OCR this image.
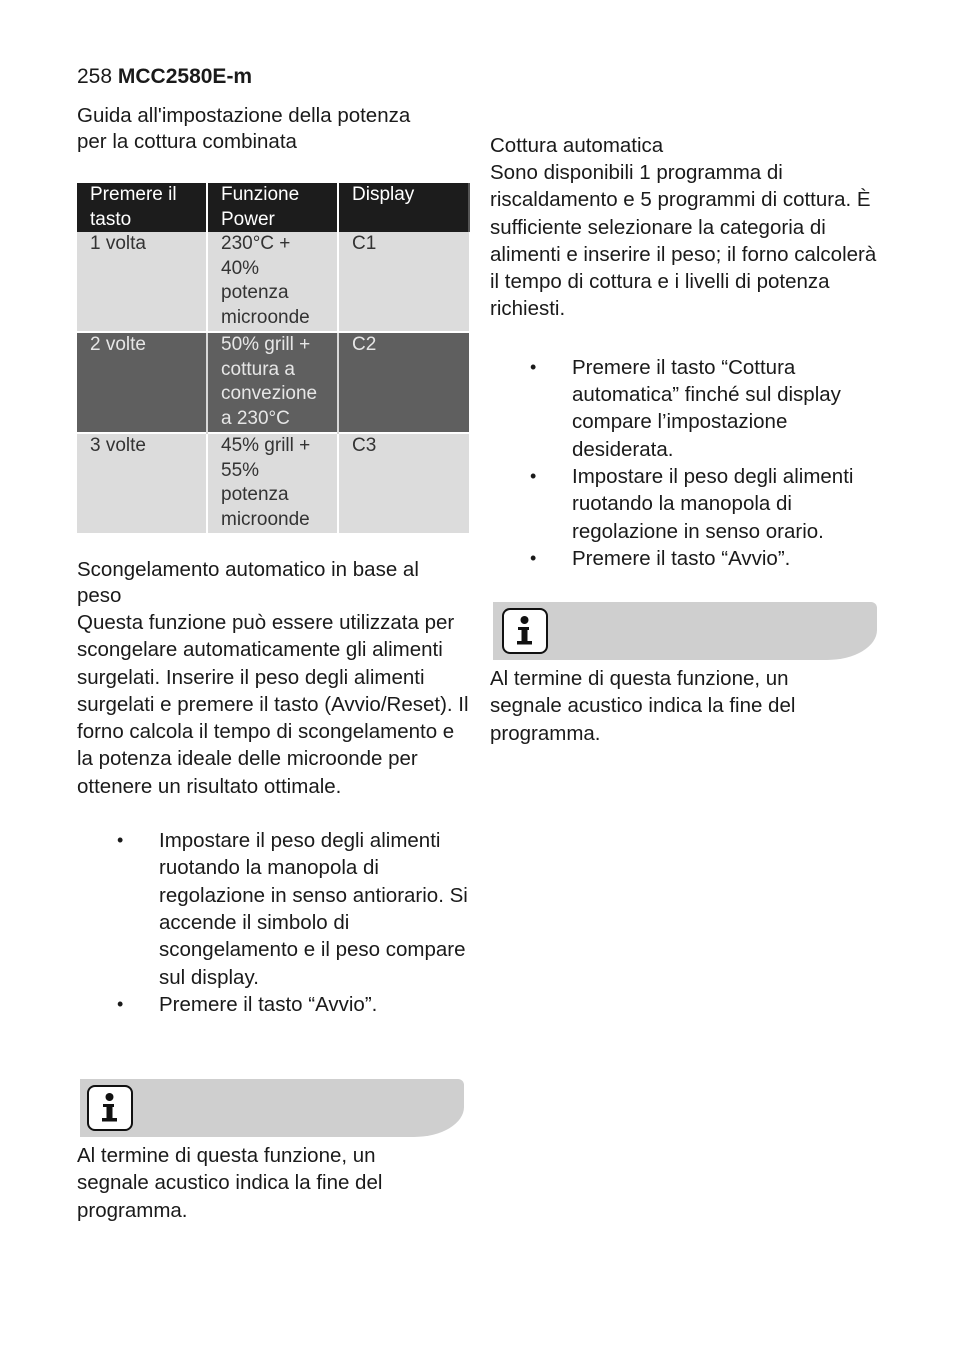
258 MCC2580E-m
Guida all'impostazione della potenza
per la cottura combinata
Premere il tasto	Funzione Power	Display
1 volta	230°C + 40% potenza microonde	C1
2 volte	50% grill + cottura a convezione a 230°C	C2
3 volte	45% grill + 55% potenza microonde	C3
Scongelamento automatico in base al peso

Questa funzione può essere utilizzata per scongelare automaticamente gli alimenti surgelati. Inserire il peso degli alimenti surgelati e premere il tasto (Avvio/Reset). Il forno calcola il tempo di scongelamento e la potenza ideale delle microonde per ottenere un risultato ottimale.

• Impostare il peso degli alimenti ruotando la manopola di regolazione in senso antiorario. Si accende il simbolo di scongelamento e il peso compare sul display.
• Premere il tasto “Avvio”.

Al termine di questa funzione, un segnale acustico indica la fine del programma.

Cottura automatica

Sono disponibili 1 programma di riscaldamento e 5 programmi di cottura. È sufficiente selezionare la categoria di alimenti e inserire il peso; il forno calcolerà il tempo di cottura e i livelli di potenza richiesti.

• Premere il tasto “Cottura automatica” finché sul display compare l’impostazione desiderata.
• Impostare il peso degli alimenti ruotando la manopola di regolazione in senso orario.
• Premere il tasto “Avvio”.

Al termine di questa funzione, un segnale acustico indica la fine del programma.
